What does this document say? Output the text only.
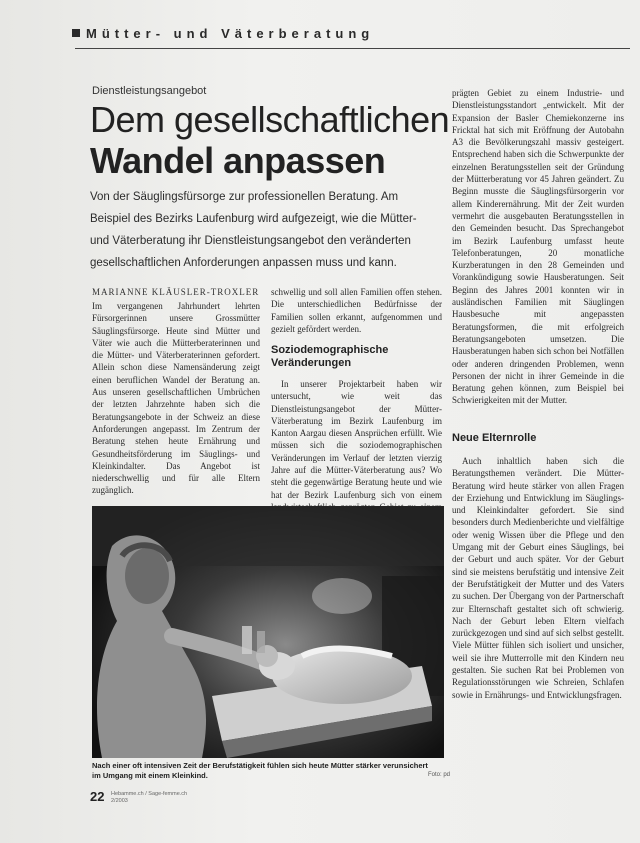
Mütter- und Väterberatung
Dienstleistungsangebot
Dem gesellschaftlichen
Wandel anpassen
Von der Säuglingsfürsorge zur professionellen Beratung. Am Beispiel des Bezirks Laufenburg wird aufgezeigt, wie die Mütter- und Väterberatung ihr Dienstleistungsangebot den veränderten gesellschaftlichen Anforderungen anpassen muss und kann.
MARIANNE KLÄUSLER-TROXLER

Im vergangenen Jahrhundert lehrten Fürsorgerinnen unsere Grossmütter Säuglingsfürsorge. Heute sind Mütter und Väter wie auch die Mütterberaterinnen und die Mütter- und Väterberaterinnen gefordert. Allein schon diese Namensänderung zeigt einen beruflichen Wandel der Beratung an. Aus unseren gesellschaftlichen Umbrüchen der letzten Jahrzehnte haben sich die Beratungsangebote in der Schweiz an diese Anforderungen angepasst. Im Zentrum der Beratung stehen heute Ernährung und Gesundheitsförderung im Säuglings- und Kleinkindalter. Das Angebot ist niederschwellig und für alle Eltern zugänglich.

schwellig und soll allen Familien offen stehen. Die unterschiedlichen Bedürfnisse der Familien sollen erkannt, aufgenommen und gezielt gefördert werden.

Soziodemographische Veränderungen

In unserer Projektarbeit haben wir untersucht, wie weit das Dienstleistungsangebot der Mütter-Väterberatung im Bezirk Laufenburg im Kanton Aargau diesen Ansprüchen erfüllt. Wie müssen sich die soziodemographischen Veränderungen im Verlauf der letzten vierzig Jahre auf die Mütter-Väterberatung aus? Wo steht die gegenwärtige Beratung heute und wie hat der Bezirk Laufenburg sich von einem

prägten Gebiet zu einem Industrie- und Dienstleistungsstandort „entwickelt. Mit der Expansion der Basler Chemiekonzerne ins Fricktal hat sich mit Eröffnung der Autobahn A3 die Bevölkerungszahl massiv gesteigert. Entsprechend haben sich die Schwerpunkte der einzelnen Beratungsstellen seit der Gründung der Mütterberatung vor 45 Jahren geändert. Zu Beginn musste die Säuglingsfürsorgerin vor allem Kinderernährung. Mit der Zeit wurden vermehrt die ausgebauten Beratungsstellen in den Gemeinden besucht. Das Sprechangebot im Bezirk Laufenburg umfasst heute Telefonberatungen, 20 monatliche Kurzberatungen in den 28 Gemeinden und Vorankündigung sowie Hausberatungen. Seit Beginn des Jahres 2001 konnten wir in ausländischen Familien mit Säuglingen Hausbesuche mit angepassten Beratungsformen, die mit erfolgreich Beratungsangeboten umsetzen. Die Hausberatungen haben sich schon bei Notfällen oder anderen dringenden Problemen, wenn Personen der nicht in ihrer Gemeinde in die Beratung gehen können, zum Beispiel bei Schwierigkeiten mit der Mutter.

Neue Elternrolle

Auch inhaltlich haben sich die Beratungsthemen verändert. Die Mütter-Beratung wird heute stärker von allen Fragen der Erziehung und Entwicklung im Säuglings- und Kleinkindalter gefordert. Sie sind besonders durch Medienberichte und vielfältige oder wenig Wissen über die Pflege und den Umgang mit der Geburt eines Säuglings, bei der Geburt und auch später. Vor der Geburt sind sie meistens berufstätig und intensive Zeit der Berufstätigkeit der Mutter und des Vaters zu suchen. Der Übergang von der Partnerschaft zur Elternschaft gestaltet sich oft schwierig. Nach der Geburt leben Eltern vielfach zurückgezogen und sind auf sich selbst gestellt. Viele Mütter fühlen sich isoliert und unsicher, weil sie ihre Mutterrolle mit den Kindern neu gestalten. Sie suchen Rat bei Problemen von Regulationsstörungen wie Schreien, Schlafen sowie in Ernährungs- und Entwicklungsfragen.

Nach einer oft intensiven Zeit der Berufstätigkeit fühlen sich heute Mütter stärker verunsichert im Umgang mit einem Kleinkind.	Foto: pd
22 Hebamme.ch / Sage-femme.ch
2/2003
